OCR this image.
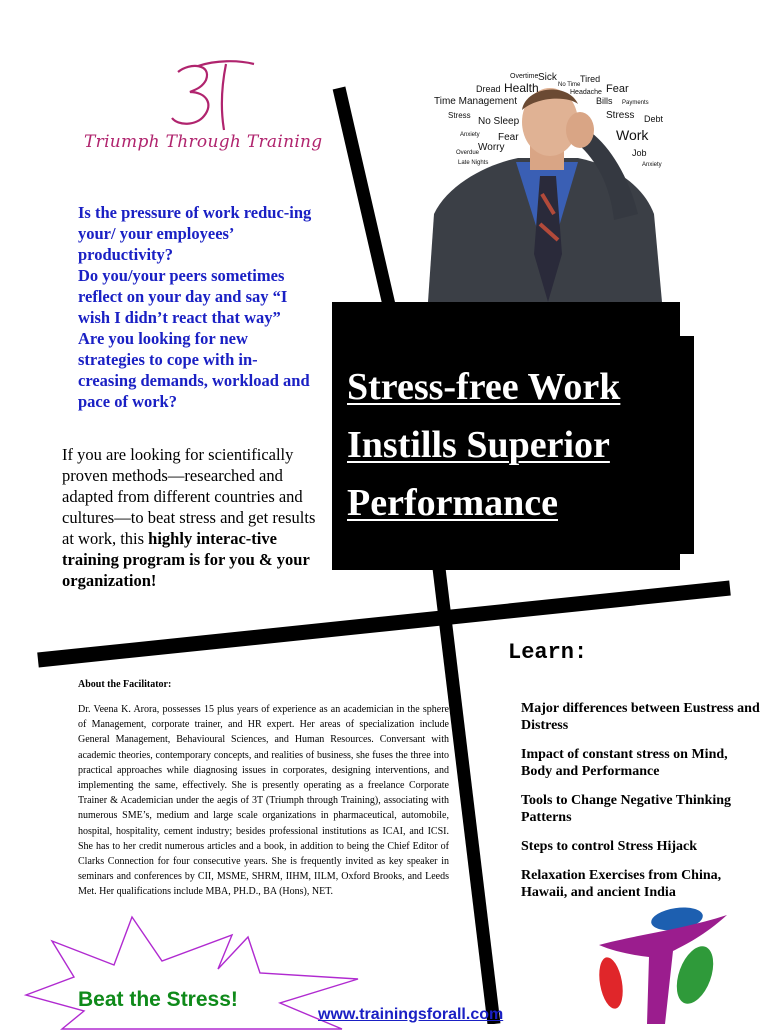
Triumph Through Training

Is the pressure of work reduc-ing your/ your employees’ productivity?

Do you/your peers sometimes reflect on your day and say “I wish I didn’t react that way”

Are you looking for new strategies to cope with in-creasing demands, workload and pace of work?

If you are looking for scientifically proven methods—researched and adapted from different countries and cultures—to beat stress and get results at work, this highly interac-tive training program is for you & your organization!
Overtime Sick
No Time
Tired
Dread Health	Headache Fear
Time Management	Bills Payments
Stress
No Sleep
Stress Debt
Anxiety Fear	Work
Overdue
Worry	Job
Late Nights	Anxiety
Stress-free Work
Instills Superior
Performance
Learn:
Major differences between Eustress and Distress
Impact of constant stress on Mind, Body and Performance
Tools to Change Negative Thinking Patterns
Steps to control Stress Hijack
Relaxation Exercises from China, Hawaii, and ancient India
About the Facilitator:
Dr. Veena K. Arora, possesses 15 plus years of experience as an academician in the sphere of Management, corporate trainer, and HR expert. Her areas of specialization include General Management, Behavioural Sciences, and Human Resources. Conversant with academic theories, contemporary concepts, and realities of business, she fuses the three into practical approaches while diagnosing issues in corporates, designing interventions, and implementing the same, effectively. She is presently operating as a freelance Corporate Trainer & Academician under the aegis of 3T (Triumph through Training), associating with numerous SME’s, medium and large scale organizations in pharmaceutical, automobile, hospital, hospitality, cement industry; besides professional institutions as ICAI, and ICSI. She has to her credit numerous articles and a book, in addition to being the Chief Editor of Clarks Connection for four consecutive years. She is frequently invited as key speaker in seminars and conferences by CII, MSME, SHRM, IIHM, IILM, Oxford Brooks, and Leeds Met. Her qualifications include MBA, PH.D., BA (Hons), NET.
Beat the Stress!
www.trainingsforall.com
